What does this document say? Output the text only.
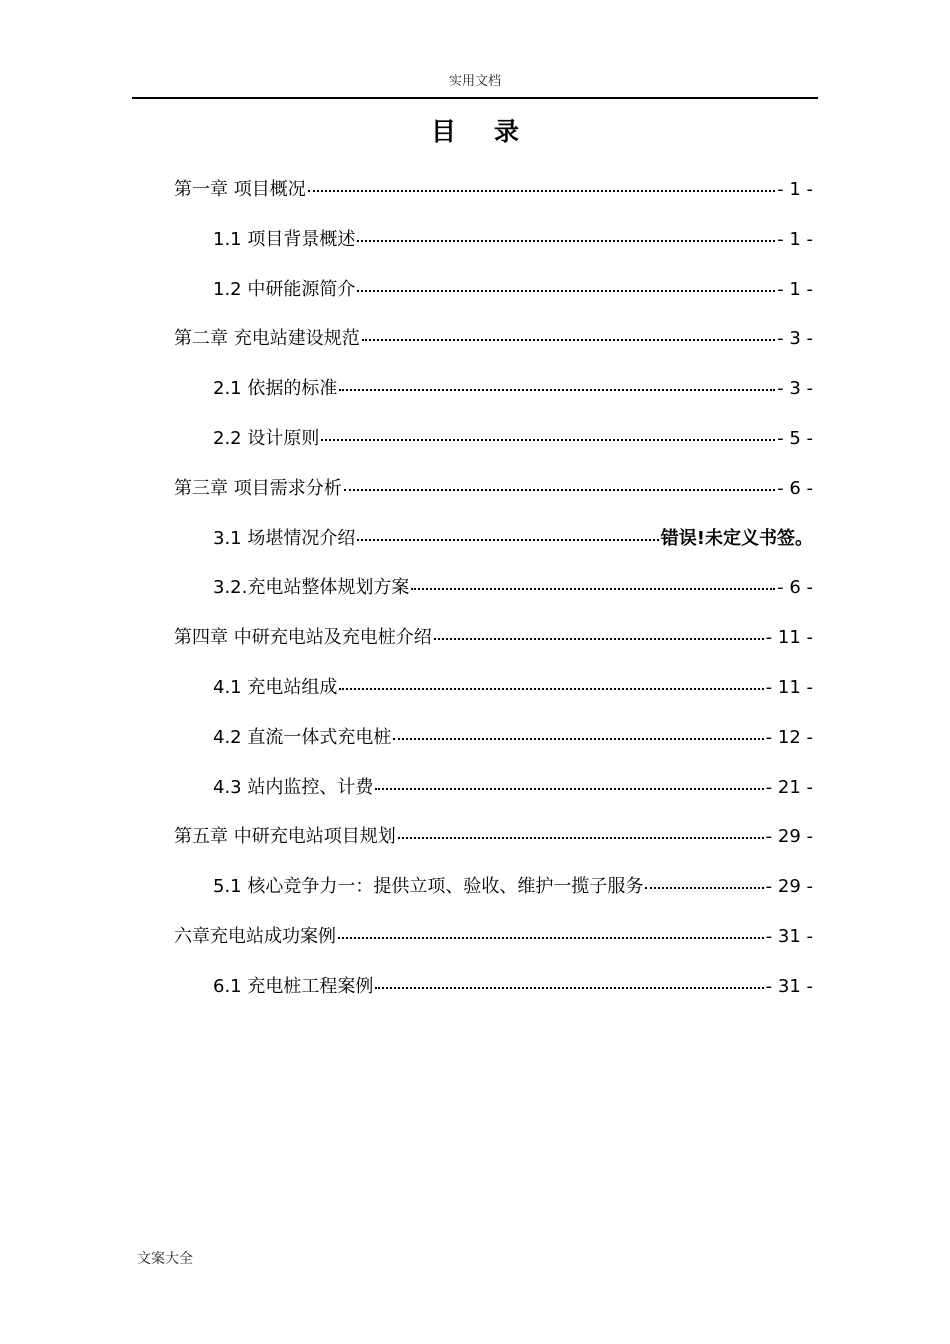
实用文档
目录
第一章 项目概况	- 1 -
1.1 项目背景概述	- 1 -
1.2 中研能源简介	- 1 -
第二章 充电站建设规范	- 3 -
2.1 依据的标准	- 3 -
2.2 设计原则	- 5 -
第三章 项目需求分析	- 6 -
3.1 场堪情况介绍	错误!未定义书签。
3.2.充电站整体规划方案	- 6 -
第四章 中研充电站及充电桩介绍	- 11 -
4.1 充电站组成	- 11 -
4.2 直流一体式充电桩	- 12 -
4.3 站内监控、计费	- 21 -
第五章 中研充电站项目规划	- 29 -
5.1 核心竞争力一：提供立项、验收、维护一揽子服务	- 29 -
六章充电站成功案例	- 31 -
6.1 充电桩工程案例	- 31 -
文案大全
